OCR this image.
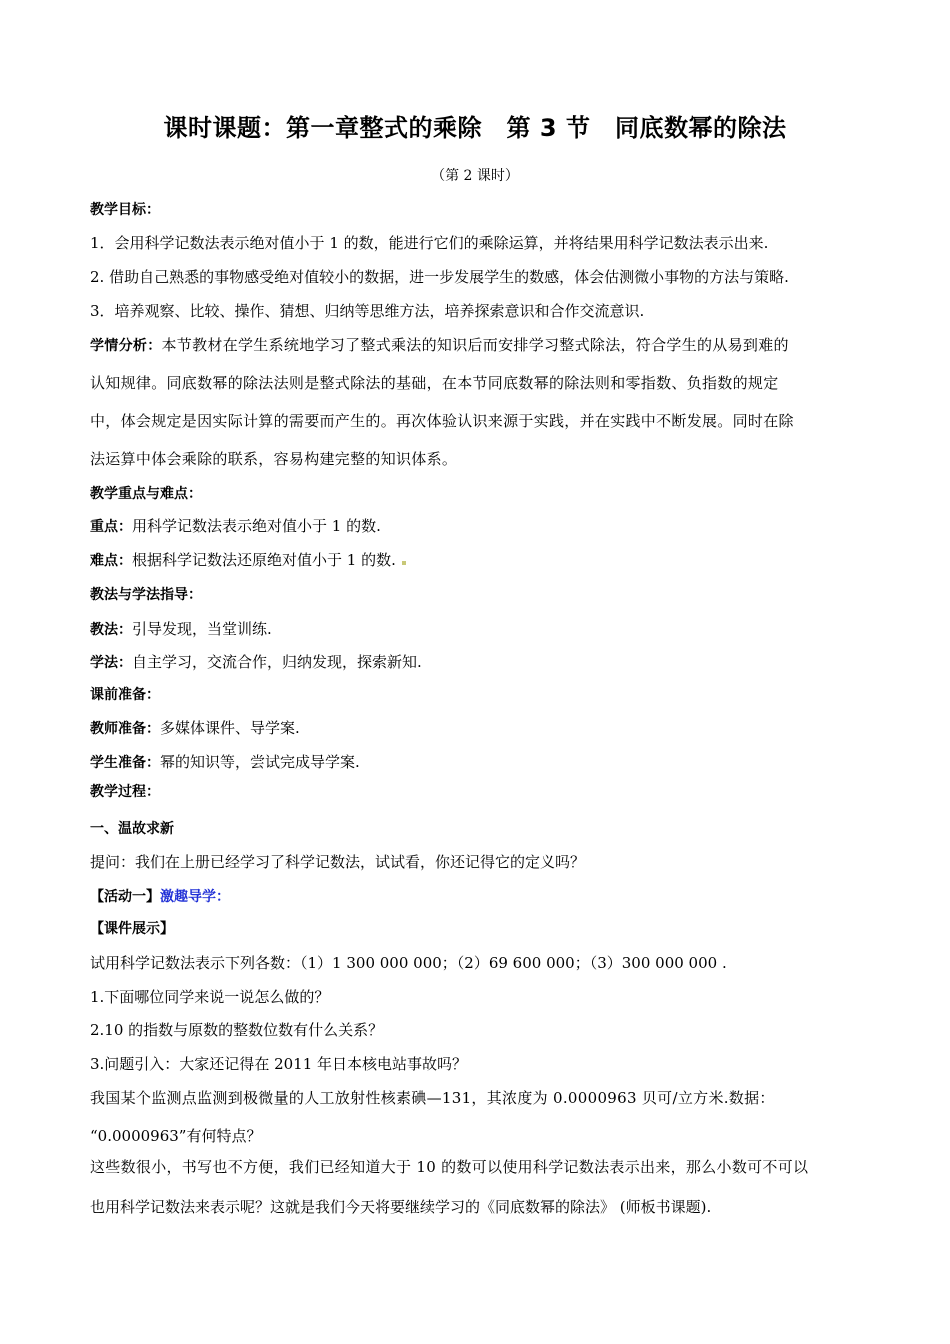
课时课题：第一章整式的乘除　第 3 节　同底数幂的除法
（第 2 课时）
教学目标：
1．会用科学记数法表示绝对值小于 1 的数，能进行它们的乘除运算，并将结果用科学记数法表示出来.
2. 借助自己熟悉的事物感受绝对值较小的数据，进一步发展学生的数感，体会估测微小事物的方法与策略.
3．培养观察、比较、操作、猜想、归纳等思维方法，培养探索意识和合作交流意识.
学情分析：本节教材在学生系统地学习了整式乘法的知识后而安排学习整式除法，符合学生的从易到难的
认知规律。同底数幂的除法法则是整式除法的基础，在本节同底数幂的除法则和零指数、负指数的规定
中，体会规定是因实际计算的需要而产生的。再次体验认识来源于实践，并在实践中不断发展。同时在除
法运算中体会乘除的联系，容易构建完整的知识体系。
教学重点与难点：
重点：用科学记数法表示绝对值小于 1 的数.
难点：根据科学记数法还原绝对值小于 1 的数.
教法与学法指导：
教法：引导发现，当堂训练.
学法：自主学习，交流合作，归纳发现，探索新知.
课前准备：
教师准备：多媒体课件、导学案.
学生准备：幂的知识等，尝试完成导学案.
教学过程：
一、温故求新
提问：我们在上册已经学习了科学记数法，试试看，你还记得它的定义吗？
【活动一】激趣导学：
【课件展示】
试用科学记数法表示下列各数：（1）1 300 000 000；（2）69 600 000；（3）300 000 000 .
1.下面哪位同学来说一说怎么做的？
2.10 的指数与原数的整数位数有什么关系？
3.问题引入：大家还记得在 2011 年日本核电站事故吗？
我国某个监测点监测到极微量的人工放射性核素碘—131，其浓度为 0.0000963 贝可/立方米.数据：
“0.0000963”有何特点？
这些数很小，书写也不方便，我们已经知道大于 10 的数可以使用科学记数法表示出来，那么小数可不可以
也用科学记数法来表示呢？这就是我们今天将要继续学习的《同底数幂的除法》 (师板书课题).
